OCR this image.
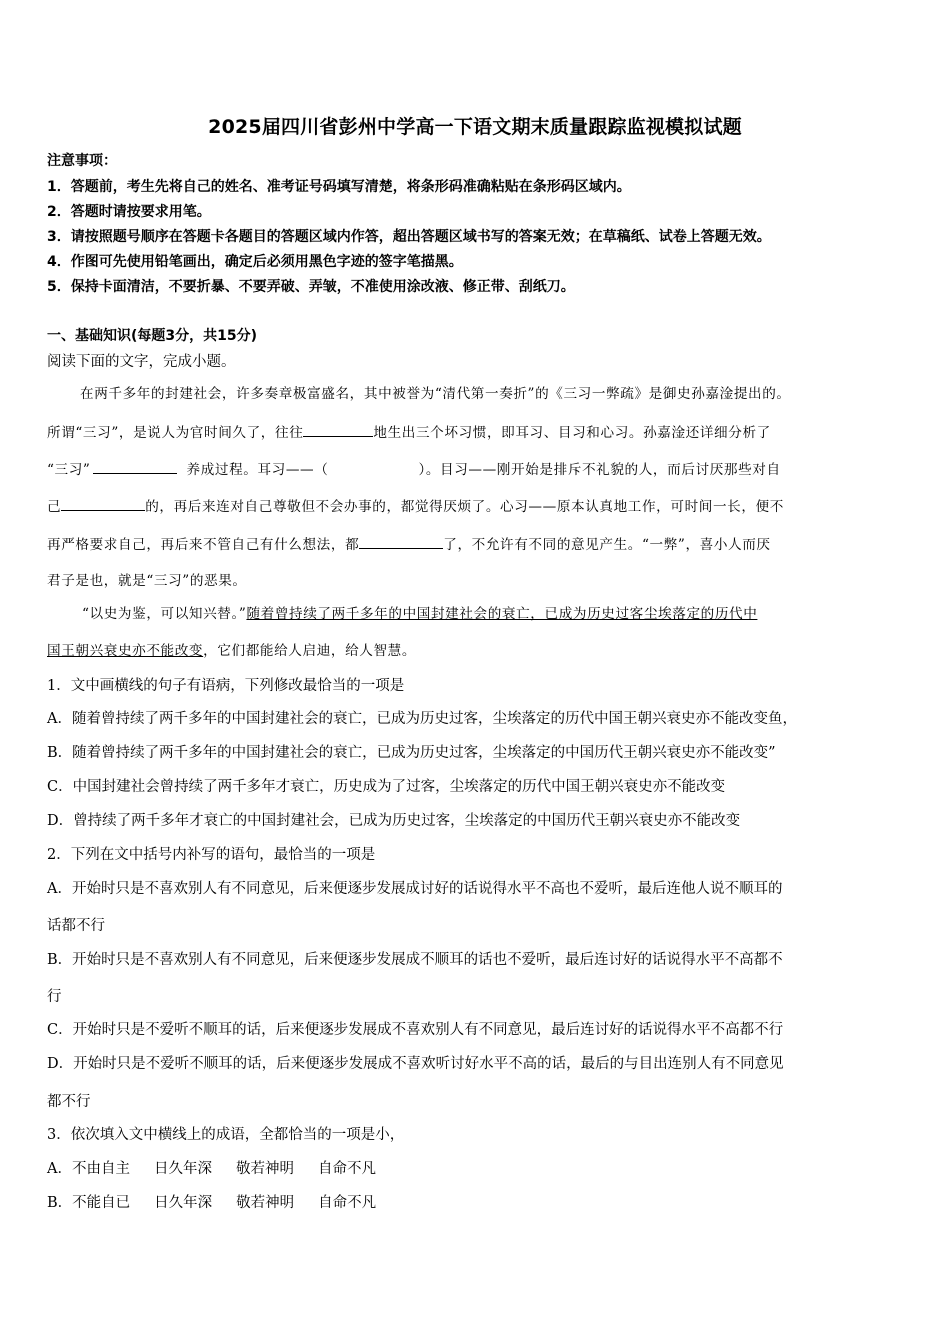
2025届四川省彭州中学高一下语文期末质量跟踪监视模拟试题
注意事项：
1．答题前，考生先将自己的姓名、准考证号码填写清楚，将条形码准确粘贴在条形码区域内。
2．答题时请按要求用笔。
3．请按照题号顺序在答题卡各题目的答题区域内作答，超出答题区域书写的答案无效；在草稿纸、试卷上答题无效。
4．作图可先使用铅笔画出，确定后必须用黑色字迹的签字笔描黑。
5．保持卡面清洁，不要折暴、不要弄破、弄皱，不准使用涂改液、修正带、刮纸刀。
一、基础知识(每题3分，共15分)
阅读下面的文字，完成小题。
在两千多年的封建社会，许多奏章极富盛名，其中被誉为“清代第一奏折”的《三习一弊疏》是御史孙嘉淦提出的。
所谓“三习”，是说人为官时间久了，往往	地生出三个坏习惯，即耳习、目习和心习。孙嘉淦还详细分析了
“三习”	养成过程。耳习——（	）。目习——刚开始是排斥不礼貌的人，而后讨厌那些对自
己	的，再后来连对自己尊敬但不会办事的，都觉得厌烦了。心习——原本认真地工作，可时间一长，便不
再严格要求自己，再后来不管自己有什么想法，都	了，不允许有不同的意见产生。“一弊”，喜小人而厌
君子是也，就是“三习”的恶果。
“以史为鉴，可以知兴替。”随着曾持续了两千多年的中国封建社会的衰亡，已成为历史过客尘埃落定的历代中
国王朝兴衰史亦不能改变，它们都能给人启迪，给人智慧。
1．文中画横线的句子有语病，下列修改最恰当的一项是
A．随着曾持续了两千多年的中国封建社会的衰亡，已成为历史过客，尘埃落定的历代中国王朝兴衰史亦不能改变鱼，
B．随着曾持续了两千多年的中国封建社会的衰亡，已成为历史过客，尘埃落定的中国历代王朝兴衰史亦不能改变”
C．中国封建社会曾持续了两千多年才衰亡，历史成为了过客，尘埃落定的历代中国王朝兴衰史亦不能改变
D．曾持续了两千多年才衰亡的中国封建社会，已成为历史过客，尘埃落定的中国历代王朝兴衰史亦不能改变
2．下列在文中括号内补写的语句，最恰当的一项是
A．开始时只是不喜欢别人有不同意见，后来便逐步发展成讨好的话说得水平不高也不爱听，最后连他人说不顺耳的
话都不行
B．开始时只是不喜欢别人有不同意见，后来便逐步发展成不顺耳的话也不爱听，最后连讨好的话说得水平不高都不
行
C．开始时只是不爱听不顺耳的话，后来便逐步发展成不喜欢别人有不同意见，最后连讨好的话说得水平不高都不行
D．开始时只是不爱听不顺耳的话，后来便逐步发展成不喜欢听讨好水平不高的话，最后的与目出连别人有不同意见
都不行
3．依次填入文中横线上的成语，全都恰当的一项是小，
A．不由自主 日久年深 敬若神明 自命不凡
B．不能自已 日久年深 敬若神明 自命不凡
